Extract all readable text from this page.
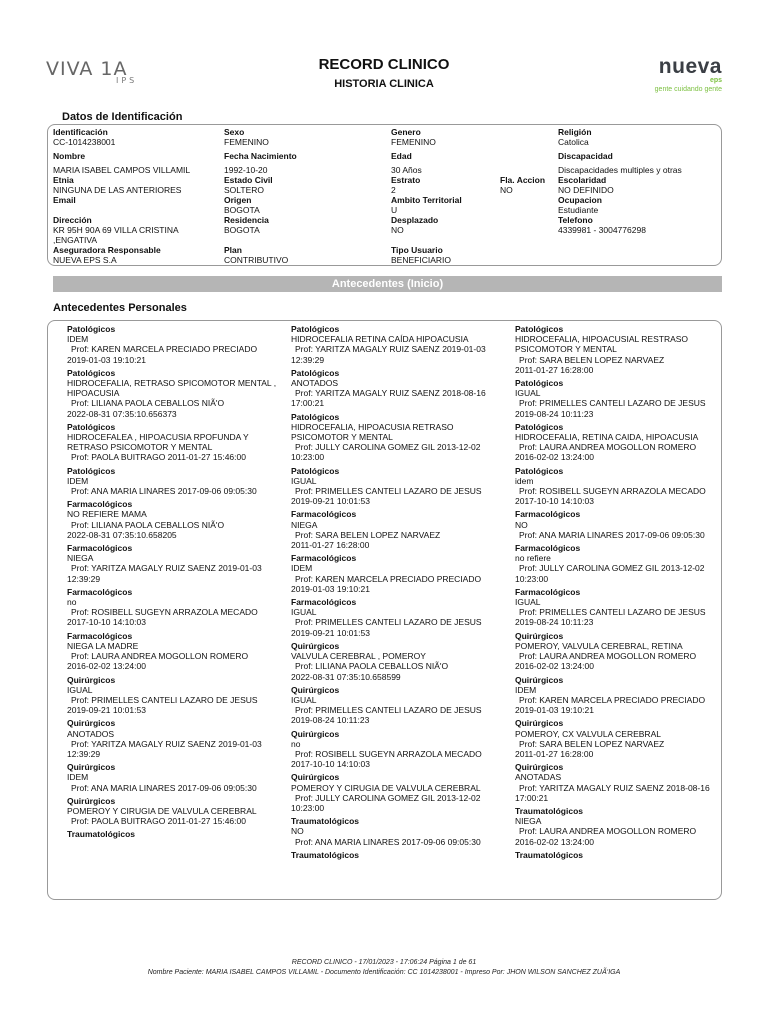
VIVA 1A
IPS
RECORD CLINICO
HISTORIA CLINICA
nueva
eps
gente cuidando gente
Datos de Identificación
Identificación
CC-1014238001
Sexo
FEMENINO
Genero
FEMENINO
Religión
Catolica
Nombre
MARIA ISABEL CAMPOS VILLAMIL
Fecha Nacimiento
1992-10-20
Edad
30 Años
Discapacidad
Discapacidades multiples y otras
Etnia
NINGUNA DE LAS ANTERIORES
Estado Civil
SOLTERO
Estrato
2
Fla. Accion
NO
Escolaridad
NO DEFINIDO
Email	Origen
BOGOTA
Ambito Territorial
U
Ocupacion
Estudiante
Dirección
KR 95H 90A 69 VILLA CRISTINA
,ENGATIVA
Residencia
BOGOTA
Desplazado
NO
Telefono
4339981 - 3004776298
Aseguradora Responsable
NUEVA EPS S.A
Plan
CONTRIBUTIVO
Tipo Usuario
BENEFICIARIO
Antecedentes (Inicio)
Antecedentes Personales
Patológicos
IDEM
Prof: KAREN MARCELA PRECIADO PRECIADO
2019-01-03 19:10:21
Patológicos
HIDROCEFALIA, RETRASO SPICOMOTOR MENTAL , HIPOACUSIA
Prof: LILIANA PAOLA CEBALLOS NIÃ'O
2022-08-31 07:35:10.656373
Patológicos
HIDROCEFALEA , HIPOACUSIA RPOFUNDA Y RETRASO PSICOMOTOR Y MENTAL
Prof: PAOLA BUITRAGO 2011-01-27 15:46:00
Patológicos
IDEM
Prof: ANA MARIA LINARES 2017-09-06 09:05:30
Farmacológicos
NO REFIERE MAMA
Prof: LILIANA PAOLA CEBALLOS NIÃ'O
2022-08-31 07:35:10.658205
Farmacológicos
NIEGA
Prof: YARITZA MAGALY RUIZ SAENZ 2019-01-03
12:39:29
Farmacológicos
no
Prof: ROSIBELL SUGEYN ARRAZOLA MECADO
2017-10-10 14:10:03
Farmacológicos
NIEGA LA MADRE
Prof: LAURA ANDREA MOGOLLON ROMERO
2016-02-02 13:24:00
Quirúrgicos
IGUAL
Prof: PRIMELLES CANTELI LAZARO DE JESUS
2019-09-21 10:01:53
Quirúrgicos
ANOTADOS
Prof: YARITZA MAGALY RUIZ SAENZ 2019-01-03
12:39:29
Quirúrgicos
IDEM
Prof: ANA MARIA LINARES 2017-09-06 09:05:30
Quirúrgicos
POMEROY Y CIRUGIA DE VALVULA CEREBRAL
Prof: PAOLA BUITRAGO 2011-01-27 15:46:00
Traumatológicos
Patológicos
HIDROCEFALIA RETINA CAÍDA HIPOACUSIA
Prof: YARITZA MAGALY RUIZ SAENZ 2019-01-03
12:39:29
Patológicos
ANOTADOS
Prof: YARITZA MAGALY RUIZ SAENZ 2018-08-16
17:00:21
Patológicos
HIDROCEFALIA, HIPOACUSIA RETRASO PSICOMOTOR Y MENTAL
Prof: JULLY CAROLINA GOMEZ GIL 2013-12-02
10:23:00
Patológicos
IGUAL
Prof: PRIMELLES CANTELI LAZARO DE JESUS
2019-09-21 10:01:53
Farmacológicos
NIEGA
Prof: SARA BELEN LOPEZ NARVAEZ
2011-01-27 16:28:00
Farmacológicos
IDEM
Prof: KAREN MARCELA PRECIADO PRECIADO
2019-01-03 19:10:21
Farmacológicos
IGUAL
Prof: PRIMELLES CANTELI LAZARO DE JESUS
2019-09-21 10:01:53
Quirúrgicos
VALVULA CEREBRAL , POMEROY
Prof: LILIANA PAOLA CEBALLOS NIÃ'O
2022-08-31 07:35:10.658599
Quirúrgicos
IGUAL
Prof: PRIMELLES CANTELI LAZARO DE JESUS
2019-08-24 10:11:23
Quirúrgicos
no
Prof: ROSIBELL SUGEYN ARRAZOLA MECADO
2017-10-10 14:10:03
Quirúrgicos
POMEROY Y CIRUGIA DE VALVULA CEREBRAL
Prof: JULLY CAROLINA GOMEZ GIL 2013-12-02
10:23:00
Traumatológicos
NO
Prof: ANA MARIA LINARES 2017-09-06 09:05:30
Traumatológicos
Patológicos
HIDROCEFALIA, HIPOACUSIAL RESTRASO PSICOMOTOR Y MENTAL
Prof: SARA BELEN LOPEZ NARVAEZ
2011-01-27 16:28:00
Patológicos
IGUAL
Prof: PRIMELLES CANTELI LAZARO DE JESUS
2019-08-24 10:11:23
Patológicos
HIDROCEFALIA, RETINA CAIDA, HIPOACUSIA
Prof: LAURA ANDREA MOGOLLON ROMERO
2016-02-02 13:24:00
Patológicos
idem
Prof: ROSIBELL SUGEYN ARRAZOLA MECADO
2017-10-10 14:10:03
Farmacológicos
NO
Prof: ANA MARIA LINARES 2017-09-06 09:05:30
Farmacológicos
no refiere
Prof: JULLY CAROLINA GOMEZ GIL 2013-12-02
10:23:00
Farmacológicos
IGUAL
Prof: PRIMELLES CANTELI LAZARO DE JESUS
2019-08-24 10:11:23
Quirúrgicos
POMEROY, VALVULA CEREBRAL, RETINA
Prof: LAURA ANDREA MOGOLLON ROMERO
2016-02-02 13:24:00
Quirúrgicos
IDEM
Prof: KAREN MARCELA PRECIADO PRECIADO
2019-01-03 19:10:21
Quirúrgicos
POMEROY, CX VALVULA CEREBRAL
Prof: SARA BELEN LOPEZ NARVAEZ
2011-01-27 16:28:00
Quirúrgicos
ANOTADAS
Prof: YARITZA MAGALY RUIZ SAENZ 2018-08-16
17:00:21
Traumatológicos
NIEGA
Prof: LAURA ANDREA MOGOLLON ROMERO
2016-02-02 13:24:00
Traumatológicos
RECORD CLINICO - 17/01/2023 - 17:06:24 Página 1 de 61
Nombre Paciente: MARIA ISABEL CAMPOS VILLAMIL - Documento Identificación: CC 1014238001 - Impreso Por: JHON WILSON SANCHEZ ZUÃ‘IGA
